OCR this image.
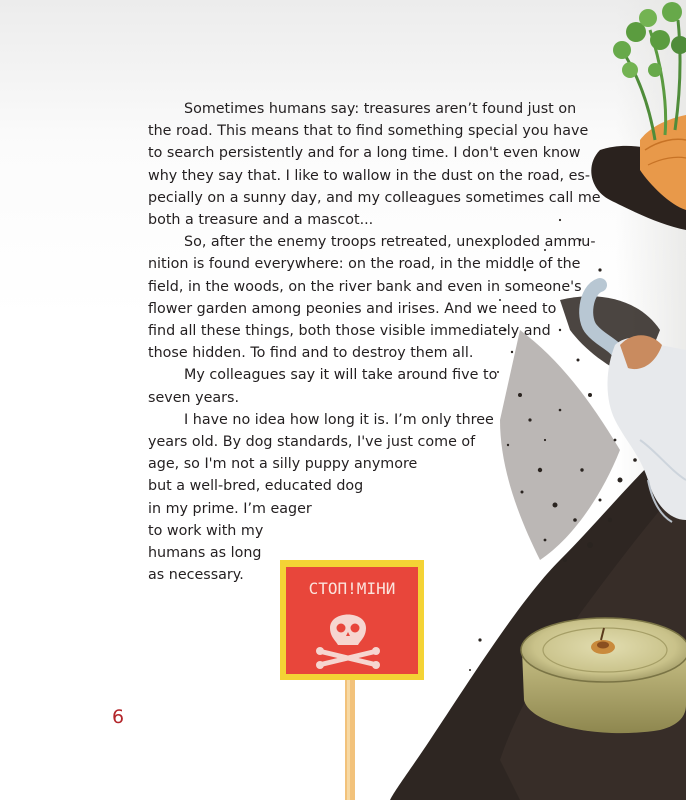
СТОП!МІНИ
Sometimes humans say: treasures aren’t found just on
the road. This means that to find something special you have
to search persistently and for a long time. I don't even know
why they say that. I like to wallow in the dust on the road, es-
pecially on a sunny day, and my colleagues sometimes call me
both a treasure and a mascot...
So, after the enemy troops retreated, unexploded ammu-
nition is found everywhere: on the road, in the middle of the
field, in the woods, on the river bank and even in someone's
flower garden among peonies and irises. And we need to
find all these things, both those visible immediately and
those hidden. To find and to destroy them all.
My colleagues say it will take around five to
seven years.
I have no idea how long it is. I’m only three
years old. By dog standards, I've just come of
age, so I'm not a silly puppy anymore
but a well-bred, educated dog
in my prime. I’m eager
to work with my
humans as long
as necessary.
6
